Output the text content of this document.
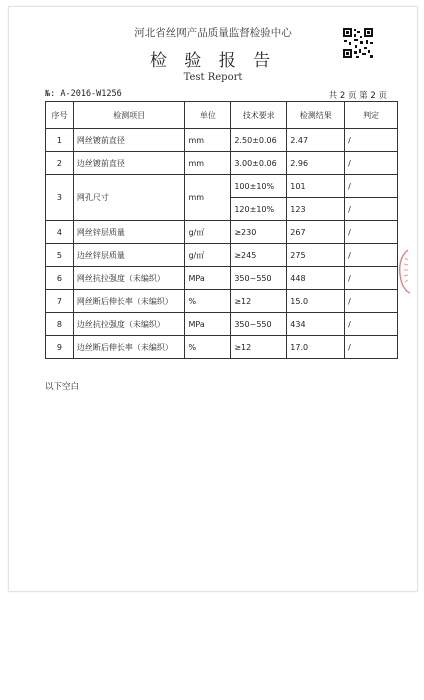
河北省丝网产品质量监督检验中心
检 验 报 告
Test Report
№: A-2016-W1256	共 2 页 第 2 页
序号	检测项目	单位	技术要求	检测结果	判定
1	网丝镀前直径	mm	2.50±0.06	2.47	/
2	边丝镀前直径	mm	3.00±0.06	2.96	/
3	网孔尺寸	mm	100±10%	101	/
			120±10%	123	/
4	网丝锌层质量	g/㎡	≥230	267	/
5	边丝锌层质量	g/㎡	≥245	275	/
6	网丝抗拉强度（未编织）	MPa	350~550	448	/
7	网丝断后伸长率（未编织）	%	≥12	15.0	/
8	边丝抗拉强度（未编织）	MPa	350~550	434	/
9	边丝断后伸长率（未编织）	%	≥12	17.0	/
以下空白
